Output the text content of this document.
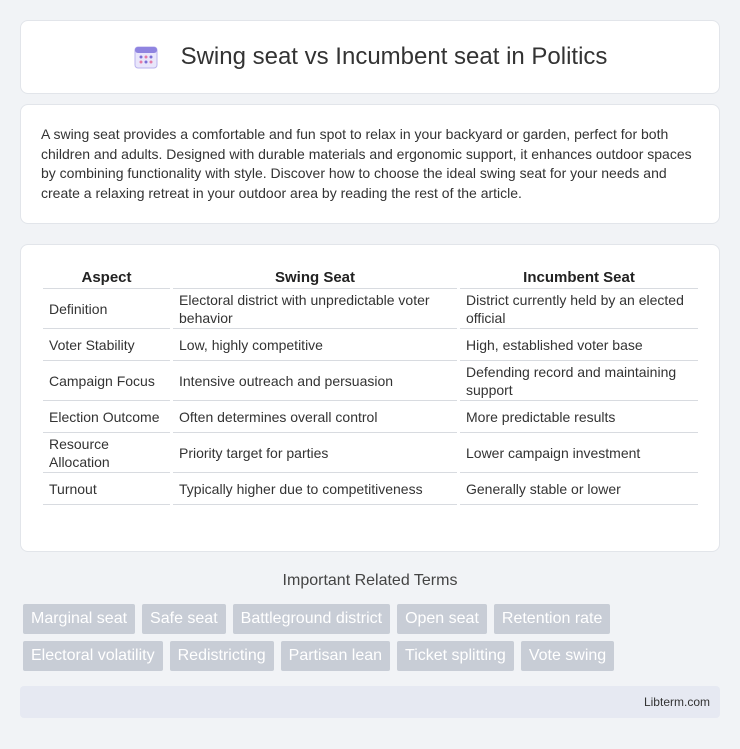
Swing seat vs Incumbent seat in Politics

A swing seat provides a comfortable and fun spot to relax in your backyard or garden, perfect for both children and adults. Designed with durable materials and ergonomic support, it enhances outdoor spaces by combining functionality with style. Discover how to choose the ideal swing seat for your needs and create a relaxing retreat in your outdoor area by reading the rest of the article.

Aspect		Swing Seat		Incumbent Seat
Definition		Electoral district with unpredictable voter behavior		District currently held by an elected official
Voter Stability		Low, highly competitive		High, established voter base
Campaign Focus		Intensive outreach and persuasion		Defending record and maintaining support
Election Outcome		Often determines overall control		More predictable results
Resource Allocation		Priority target for parties		Lower campaign investment
Turnout		Typically higher due to competitiveness		Generally stable or lower
Important Related Terms
Marginal seat	Safe seat	Battleground district	Open seat	Retention rate
Electoral volatility	Redistricting	Partisan lean	Ticket splitting	Vote swing
Libterm.com
